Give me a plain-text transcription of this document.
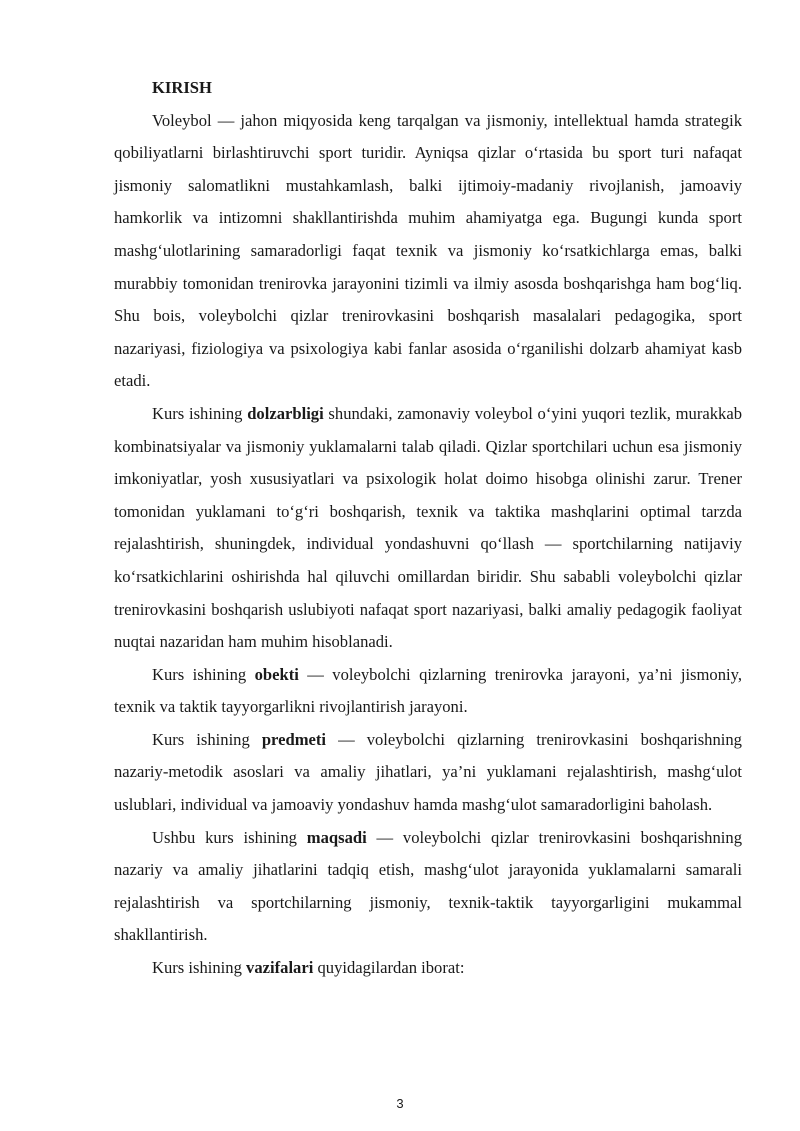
KIRISH

Voleybol — jahon miqyosida keng tarqalgan va jismoniy, intellektual hamda strategik qobiliyatlarni birlashtiruvchi sport turidir. Ayniqsa qizlar o‘rtasida bu sport turi nafaqat jismoniy salomatlikni mustahkamlash, balki ijtimoiy-madaniy rivojlanish, jamoaviy hamkorlik va intizomni shakllantirishda muhim ahamiyatga ega. Bugungi kunda sport mashg‘ulotlarining samaradorligi faqat texnik va jismoniy ko‘rsatkichlarga emas, balki murabbiy tomonidan trenirovka jarayonini tizimli va ilmiy asosda boshqarishga ham bog‘liq. Shu bois, voleybolchi qizlar trenirovkasini boshqarish masalalari pedagogika, sport nazariyasi, fiziologiya va psixologiya kabi fanlar asosida o‘rganilishi dolzarb ahamiyat kasb etadi.

Kurs ishining dolzarbligi shundaki, zamonaviy voleybol o‘yini yuqori tezlik, murakkab kombinatsiyalar va jismoniy yuklamalarni talab qiladi. Qizlar sportchilari uchun esa jismoniy imkoniyatlar, yosh xususiyatlari va psixologik holat doimo hisobga olinishi zarur. Trener tomonidan yuklamani to‘g‘ri boshqarish, texnik va taktika mashqlarini optimal tarzda rejalashtirish, shuningdek, individual yondashuvni qo‘llash — sportchilarning natijaviy ko‘rsatkichlarini oshirishda hal qiluvchi omillardan biridir. Shu sababli voleybolchi qizlar trenirovkasini boshqarish uslubiyoti nafaqat sport nazariyasi, balki amaliy pedagogik faoliyat nuqtai nazaridan ham muhim hisoblanadi.

Kurs ishining obekti — voleybolchi qizlarning trenirovka jarayoni, ya’ni jismoniy, texnik va taktik tayyorgarlikni rivojlantirish jarayoni.

Kurs ishining predmeti — voleybolchi qizlarning trenirovkasini boshqarishning nazariy-metodik asoslari va amaliy jihatlari, ya’ni yuklamani rejalashtirish, mashg‘ulot uslublari, individual va jamoaviy yondashuv hamda mashg‘ulot samaradorligini baholash.

Ushbu kurs ishining maqsadi — voleybolchi qizlar trenirovkasini boshqarishning nazariy va amaliy jihatlarini tadqiq etish, mashg‘ulot jarayonida yuklamalarni samarali rejalashtirish va sportchilarning jismoniy, texnik-taktik tayyorgarligini mukammal shakllantirish.

Kurs ishining vazifalari quyidagilardan iborat:

3
